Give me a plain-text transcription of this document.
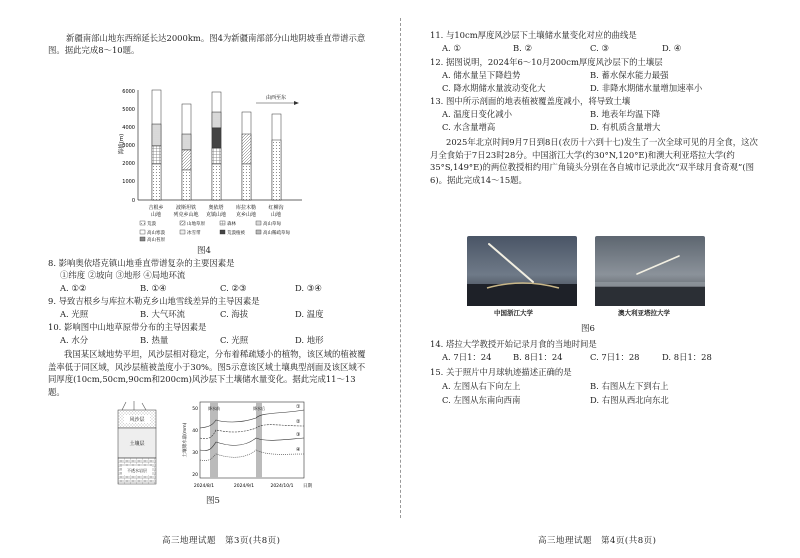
新疆南部山地东西绵延长达2000km。图4为新疆南部部分山地阴坡垂直带谱示意
图。据此完成8～10题。
6000
5000
4000
3000
2000
1000
0
海拔(m)
由西至东
吉根乡
山地
波斯坦铁
列克乡山地
奥依塔
克镇山地
库拉木勒
克乡山地
红柳沟
山地
荒漠	山地草原	森林	高山草甸
高山寒漠	冰雪带	荒漠植被	高山稀疏草甸
高山苔原
图4
8. 影响奥依塔克镇山地垂直带谱复杂的主要因素是
①纬度 ②坡向 ③地形 ④局地环流
A. ①②	B. ①④	C. ②③	D. ③④
9. 导致吉根乡与库拉木勒克乡山地雪线差异的主导因素是
A. 光照	B. 大气环流	C. 海拔	D. 温度
10. 影响图中山地草原带分布的主导因素是
A. 水分	B. 热量	C. 光照	D. 地形
我国某区域地势平坦，风沙层相对稳定，分布着稀疏矮小的植物，该区域的植被覆盖率低于同区域，风沙层植被盖度小于30%。图5示意该区域土壤典型剖面及该区域不同厚度(10cm,50cm,90cm和200cm)风沙层下土壤储水量变化。据此完成11～13题。
风沙层
土壤层
不透水岩层
降水前	降水后	①
②
③
④
50
40
30
20
土壤储水量(mm)
2024/8/1	2024/9/1	2024/10/1 日期
图5
高三地理试题　第3页(共8页)
11. 与10cm厚度风沙层下土壤储水量变化对应的曲线是
A. ①	B. ②	C. ③	D. ④
12. 据图说明，2024年6～10月200cm厚度风沙层下的土壤层
A. 储水量呈下降趋势	B. 蓄水保水能力最强
C. 降水期储水量波动变化大	D. 非降水期储水量增加速率小
13. 图中所示剖面的地表植被覆盖度减小，将导致土壤
A. 温度日变化减小	B. 地表年均温下降
C. 水含量增高	D. 有机质含量增大
2025年北京时间9月7日到8日(农历十六到十七)发生了一次全球可见的月全食，这次月全食始于7日23时28分。中国浙江大学(约30°N,120°E)和澳大利亚塔拉大学(约35°S,149°E)的两位教授相约用广角镜头分别在各自城市记录此次“双半球月食奇观”(图6)。据此完成14～15题。
中国浙江大学	澳大利亚塔拉大学
图6
14. 塔拉大学教授开始记录月食的当地时间是
A. 7日1：24	B. 8日1：24	C. 7日1：28	D. 8日1：28
15. 关于照片中月球轨迹描述正确的是
A. 左图从右下向左上	B. 右图从左下到右上
C. 左图从东南向西南	D. 右图从西北向东北
高三地理试题　第4页(共8页)
